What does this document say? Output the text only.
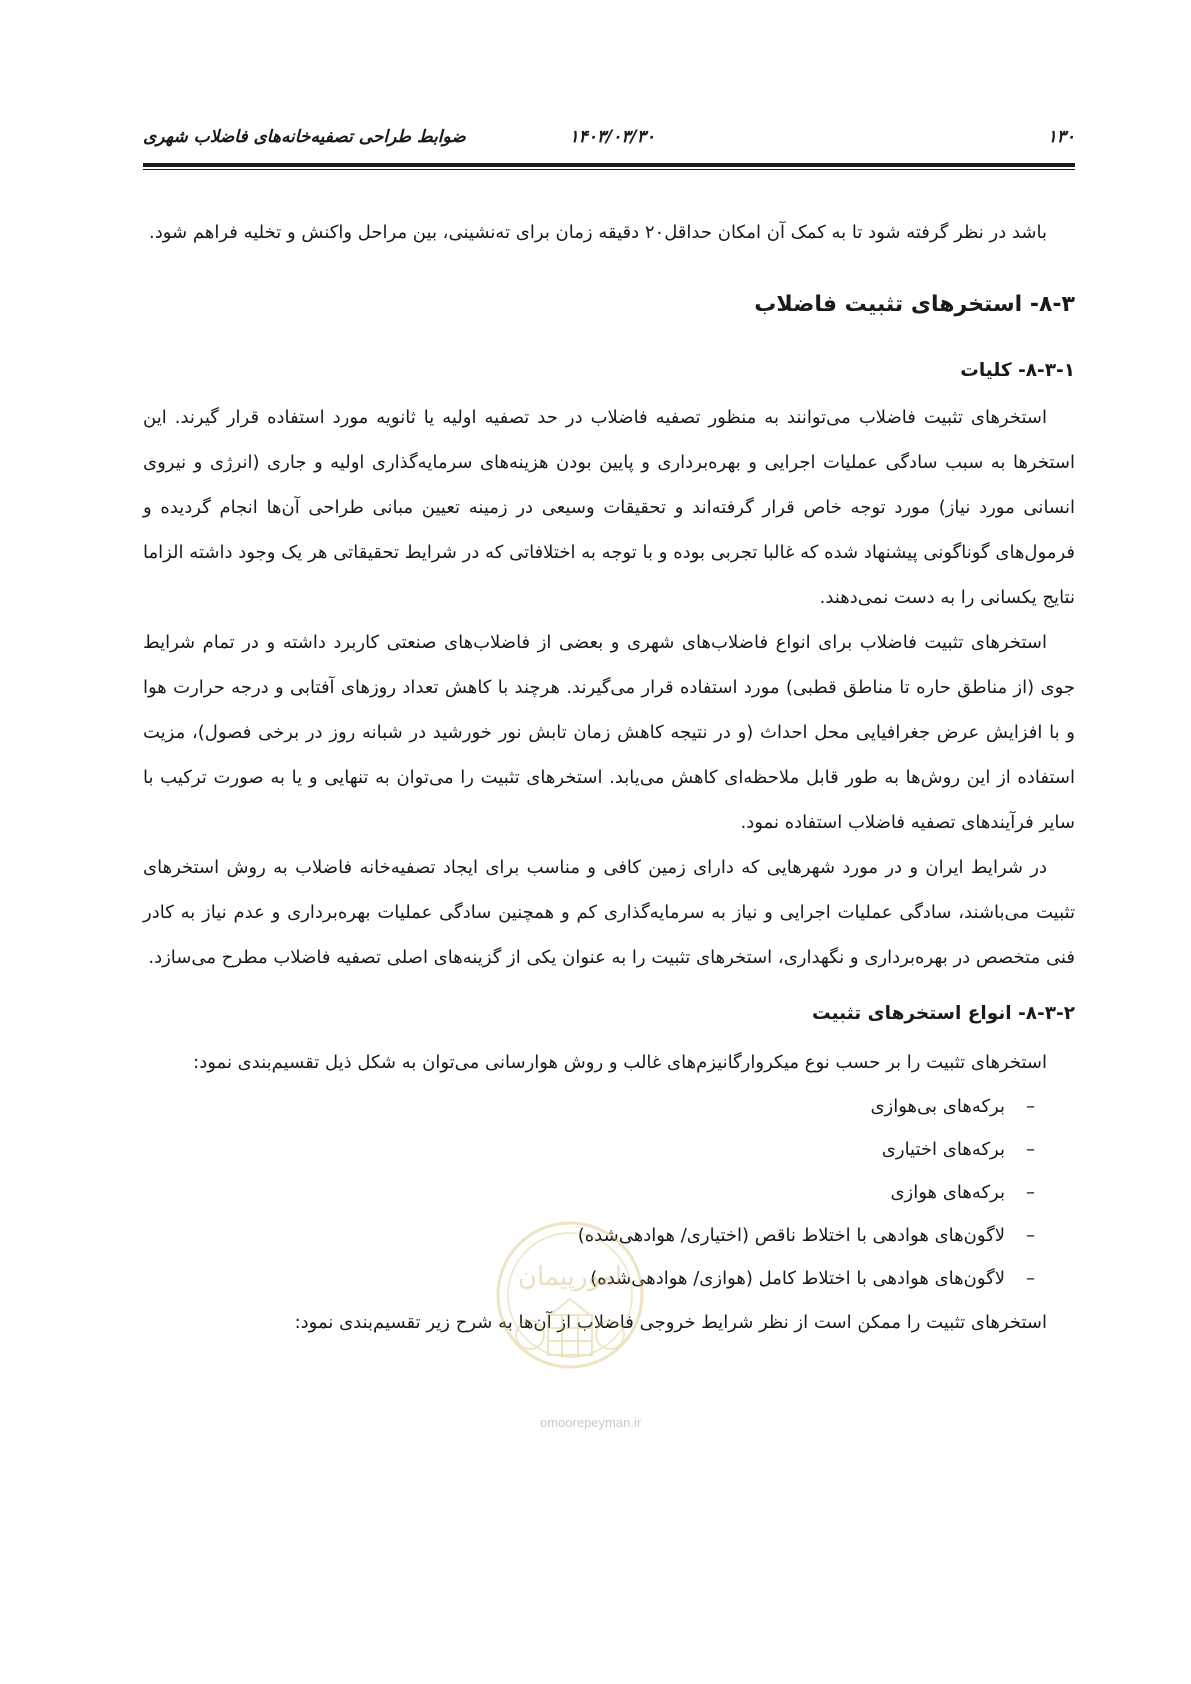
۱۳۰
۱۴۰۳/۰۳/۳۰
ضوابط طراحی تصفیه‌خانه‌های فاضلاب شهری

باشد در نظر گرفته شود تا به کمک آن امکان حداقل۲۰ دقیقه زمان برای ته‌نشینی، بین مراحل واکنش و تخلیه فراهم شود.

۸-۳- استخرهای تثبیت فاضلاب
۸-۳-۱- کلیات

استخرهای تثبیت فاضلاب می‌توانند به منظور تصفیه فاضلاب در حد تصفیه اولیه یا ثانویه مورد استفاده قرار گیرند. این استخرها به سبب سادگی عملیات اجرایی و بهره‌برداری و پایین بودن هزینه‌های سرمایه‌گذاری اولیه و جاری (انرژی و نیروی انسانی مورد نیاز) مورد توجه خاص قرار گرفته‌اند و تحقیقات وسیعی در زمینه تعیین مبانی طراحی آن‌ها انجام گردیده و فرمول‌های گوناگونی پیشنهاد شده که غالبا تجربی بوده و با توجه به اختلافاتی که در شرایط تحقیقاتی هر یک وجود داشته الزاما نتایج یکسانی را به دست نمی‌دهند.

استخرهای تثبیت فاضلاب برای انواع فاضلاب‌های شهری و بعضی از فاضلاب‌های صنعتی کاربرد داشته و در تمام شرایط جوی (از مناطق حاره تا مناطق قطبی) مورد استفاده قرار می‌گیرند. هرچند با کاهش تعداد روزهای آفتابی و درجه حرارت هوا و با افزایش عرض جغرافیایی محل احداث (و در نتیجه کاهش زمان تابش نور خورشید در شبانه روز در برخی فصول)، مزیت استفاده از این روش‌ها به طور قابل ملاحظه‌ای کاهش می‌یابد. استخرهای تثبیت را می‌توان به تنهایی و یا به صورت ترکیب با سایر فرآیندهای تصفیه فاضلاب استفاده نمود.

در شرایط ایران و در مورد شهرهایی که دارای زمین کافی و مناسب برای ایجاد تصفیه‌خانه فاضلاب به روش استخرهای تثبیت می‌باشند، سادگی عملیات اجرایی و نیاز به سرمایه‌گذاری کم و همچنین سادگی عملیات بهره‌برداری و عدم نیاز به کادر فنی متخصص در بهره‌برداری و نگهداری، استخرهای تثبیت را به عنوان یکی از گزینه‌های اصلی تصفیه فاضلاب مطرح می‌سازد.

۸-۳-۲- انواع استخرهای تثبیت

استخرهای تثبیت را بر حسب نوع میکروارگانیزم‌های غالب و روش هوارسانی می‌توان به شکل ذیل تقسیم‌بندی نمود:

–
برکه‌های بی‌هوازی
–
برکه‌های اختیاری
–
برکه‌های هوازی
–
لاگون‌های هوادهی با اختلاط ناقص (اختیاری/ هوادهی‌شده)
–
لاگون‌های هوادهی با اختلاط کامل (هوازی/ هوادهی‌شده)

استخرهای تثبیت را ممکن است از نظر شرایط خروجی فاضلاب از آن‌ها به شرح زیر تقسیم‌بندی نمود:

امورپیمان
omoorepeyman.ir
